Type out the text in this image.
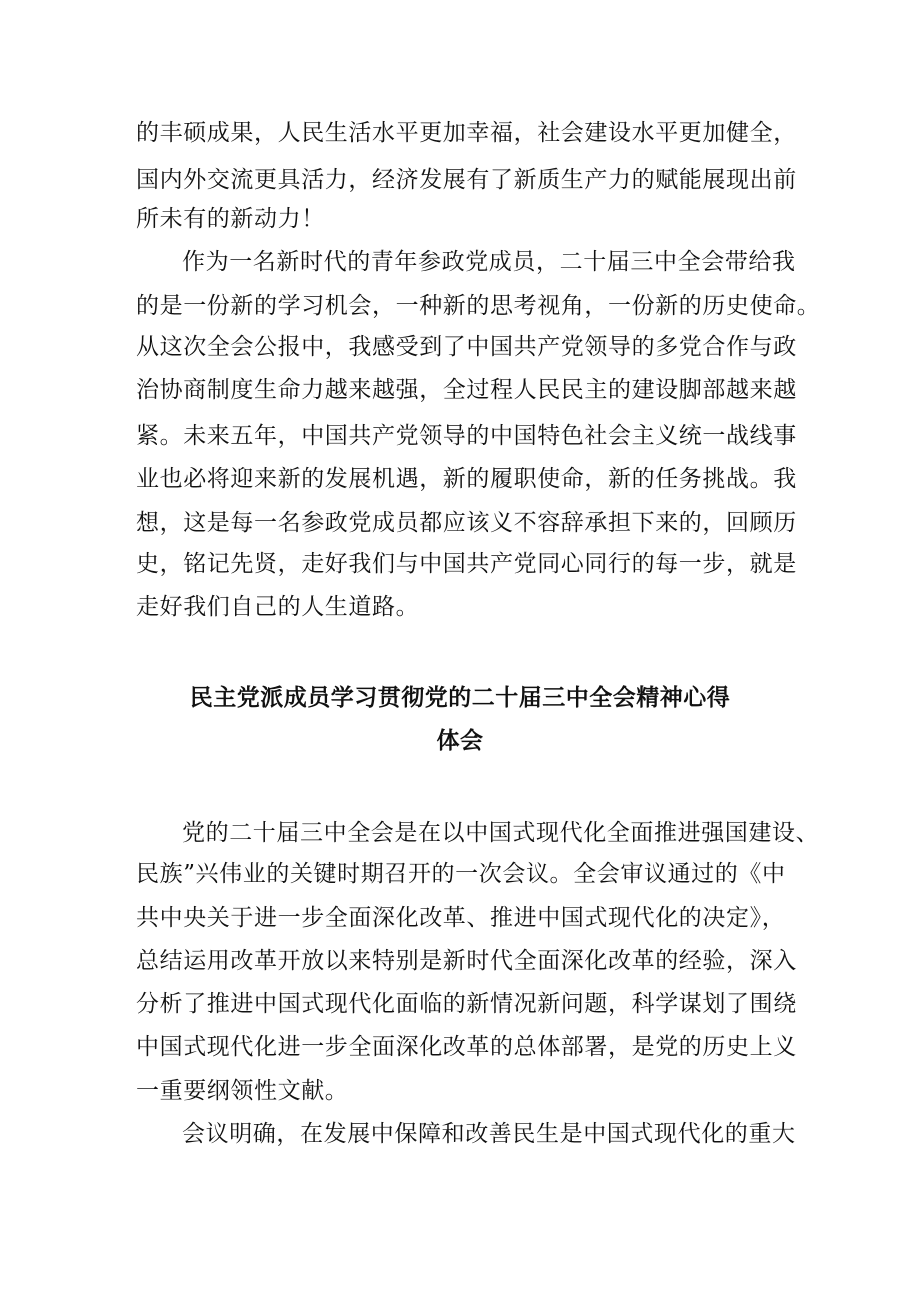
的丰硕成果，人民生活水平更加幸福，社会建设水平更加健全，
国内外交流更具活力，经济发展有了新质生产力的赋能展现出前
所未有的新动力！
作为一名新时代的青年参政党成员，二十届三中全会带给我
的是一份新的学习机会，一种新的思考视角，一份新的历史使命。
从这次全会公报中，我感受到了中国共产党领导的多党合作与政
治协商制度生命力越来越强，全过程人民民主的建设脚部越来越
紧。未来五年，中国共产党领导的中国特色社会主义统一战线事
业也必将迎来新的发展机遇，新的履职使命，新的任务挑战。我
想，这是每一名参政党成员都应该义不容辞承担下来的，回顾历
史，铭记先贤，走好我们与中国共产党同心同行的每一步，就是
走好我们自己的人生道路。
民主党派成员学习贯彻党的二十届三中全会精神心得
体会
党的二十届三中全会是在以中国式现代化全面推进强国建设、
民族”兴伟业的关键时期召开的一次会议。全会审议通过的《中
共中央关于进一步全面深化改革、推进中国式现代化的决定》，
总结运用改革开放以来特别是新时代全面深化改革的经验，深入
分析了推进中国式现代化面临的新情况新问题，科学谋划了围绕
中国式现代化进一步全面深化改革的总体部署，是党的历史上义
一重要纲领性文献。
会议明确，在发展中保障和改善民生是中国式现代化的重大
